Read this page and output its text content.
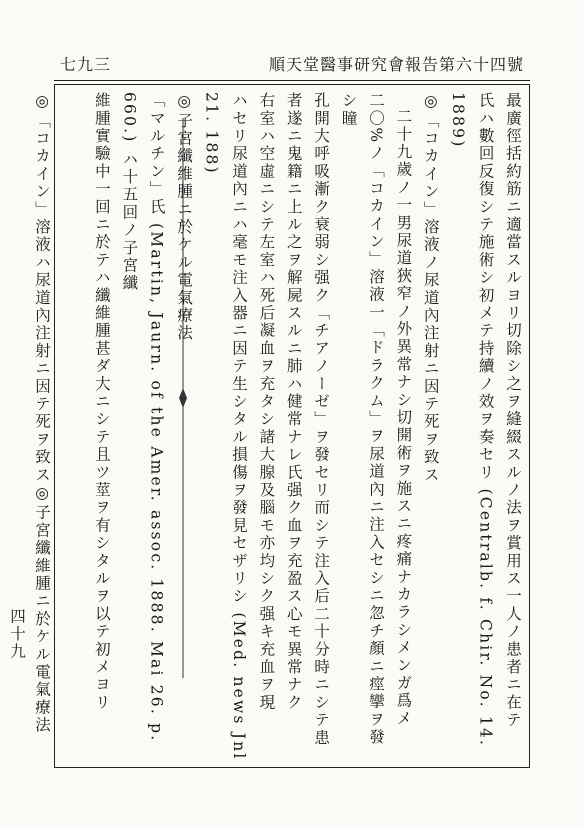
七九三	順天堂醫事研究會報告第六十四號
最廣徑括約筋ニ適當スルヨリ切除シ之ヲ縫綴スルノ法ヲ賞用ス一人ノ患者ニ在テ
氏ハ數回反復シテ施術シ初メテ持續ノ效ヲ奏セリ (Centralb. f. Chir. No. 14. 1889)
◎「コカイン」溶液ノ尿道內注射ニ因テ死ヲ致ス
二十九歲ノ一男尿道狹窄ノ外異常ナシ切開術ヲ施スニ疼痛ナカラシメンガ爲メ
二〇%ノ「コカイン」溶液一「ドラクム」ヲ尿道內ニ注入セシニ忽チ顏ニ痙攣ヲ發シ瞳
孔開大呼吸漸ク衰弱シ强ク「チアノーゼ」ヲ發セリ而シテ注入后二十分時ニシテ患
者遂ニ鬼籍ニ上ル之ヲ解屍スルニ肺ハ健常ナレ氏强ク血ヲ充盈ス心モ異常ナク
右室ハ空虛ニシテ左室ハ死后凝血ヲ充タシ諸大腺及腦モ亦均シク强キ充血ヲ現
ハセリ尿道內ニハ毫モ注入器ニ因テ生シタル損傷ヲ發見セザリシ (Med. news Jnl
21. 188)
◎子宮纖維腫ニ於ケル電氣療法
「マルチン」氏 (Martin, Jaurn. of the Amer. assoc. 1888. Mai 26. p. 660.) ハ十五回ノ子宮纖
維腫實驗中一回ニ於テハ纖維腫甚ダ大ニシテ且ツ莖ヲ有シタルヲ以テ初メヨリ
◎「コカイン」溶液ハ尿道內注射ニ因テ死ヲ致ス◎子宮纖維腫ニ於ケル電氣療法
四十九
